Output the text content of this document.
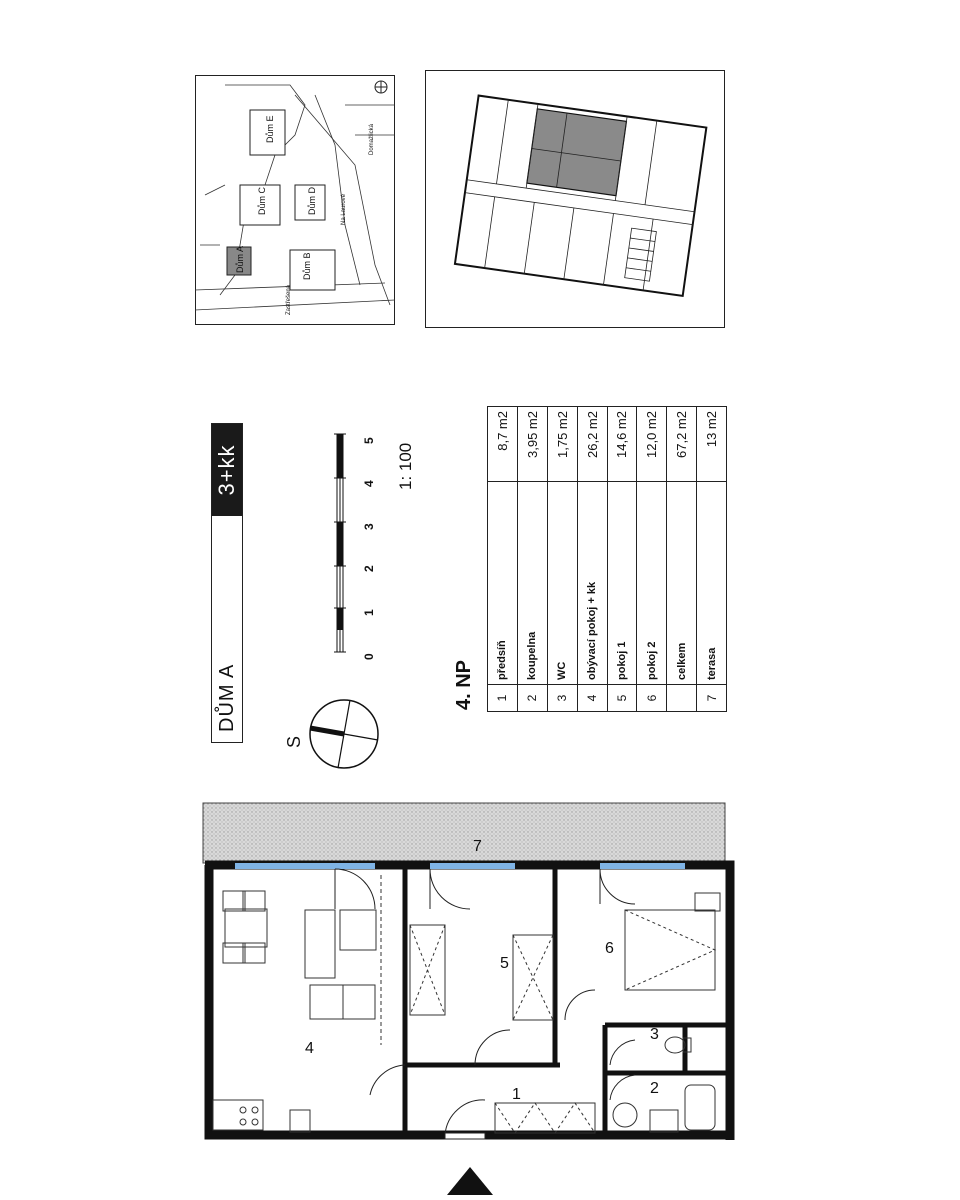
DŮM A
3+kk
0
1
2
3
4
5
1: 100
S
4. NP 1	předsíň	8,7 m2
2	koupelna	3,95 m2
3	WC	1,75 m2
4	obývací pokoj + kk	26,2 m2
5	pokoj 1	14,6 m2
6	pokoj 2	12,0 m2
	celkem	67,2 m2
7	terasa	13 m2
Dům E
Dům C	Dům D
Dům A	Dům B
Zastřešená
Domažlická
Na Laurové
7
4
5
6
3
2
1
